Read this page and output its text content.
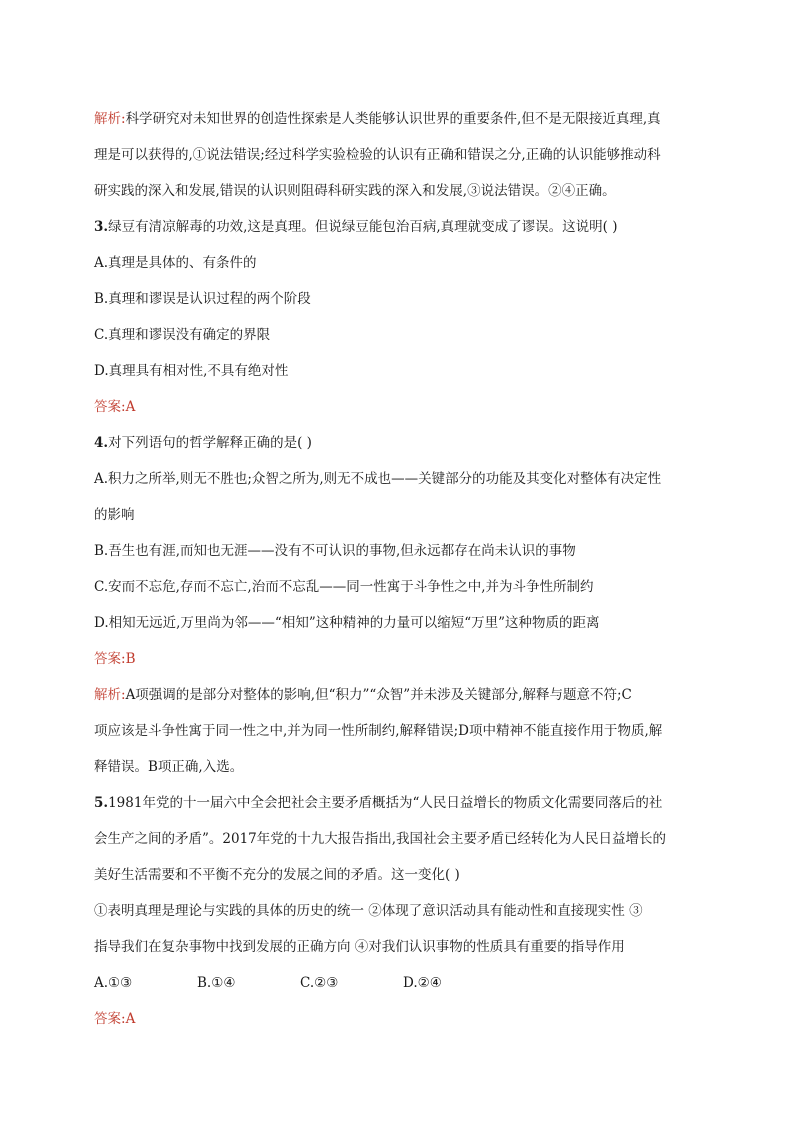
解析:科学研究对未知世界的创造性探索是人类能够认识世界的重要条件,但不是无限接近真理,真

理是可以获得的,①说法错误;经过科学实验检验的认识有正确和错误之分,正确的认识能够推动科

研实践的深入和发展,错误的认识则阻碍科研实践的深入和发展,③说法错误。②④正确。

3.绿豆有清凉解毒的功效,这是真理。但说绿豆能包治百病,真理就变成了谬误。这说明( )

A.真理是具体的、有条件的

B.真理和谬误是认识过程的两个阶段

C.真理和谬误没有确定的界限

D.真理具有相对性,不具有绝对性

答案:A

4.对下列语句的哲学解释正确的是( )

A.积力之所举,则无不胜也;众智之所为,则无不成也——关键部分的功能及其变化对整体有决定性

的影响

B.吾生也有涯,而知也无涯——没有不可认识的事物,但永远都存在尚未认识的事物

C.安而不忘危,存而不忘亡,治而不忘乱——同一性寓于斗争性之中,并为斗争性所制约

D.相知无远近,万里尚为邻——“相知”这种精神的力量可以缩短“万里”这种物质的距离

答案:B

解析:A项强调的是部分对整体的影响,但“积力”“众智”并未涉及关键部分,解释与题意不符;C

项应该是斗争性寓于同一性之中,并为同一性所制约,解释错误;D项中精神不能直接作用于物质,解

释错误。B项正确,入选。

5.1981年党的十一届六中全会把社会主要矛盾概括为“人民日益增长的物质文化需要同落后的社

会生产之间的矛盾”。2017年党的十九大报告指出,我国社会主要矛盾已经转化为人民日益增长的

美好生活需要和不平衡不充分的发展之间的矛盾。这一变化( )

①表明真理是理论与实践的具体的历史的统一 ②体现了意识活动具有能动性和直接现实性 ③

指导我们在复杂事物中找到发展的正确方向 ④对我们认识事物的性质具有重要的指导作用

A.①③	B.①④	C.②③	D.②④

答案:A
